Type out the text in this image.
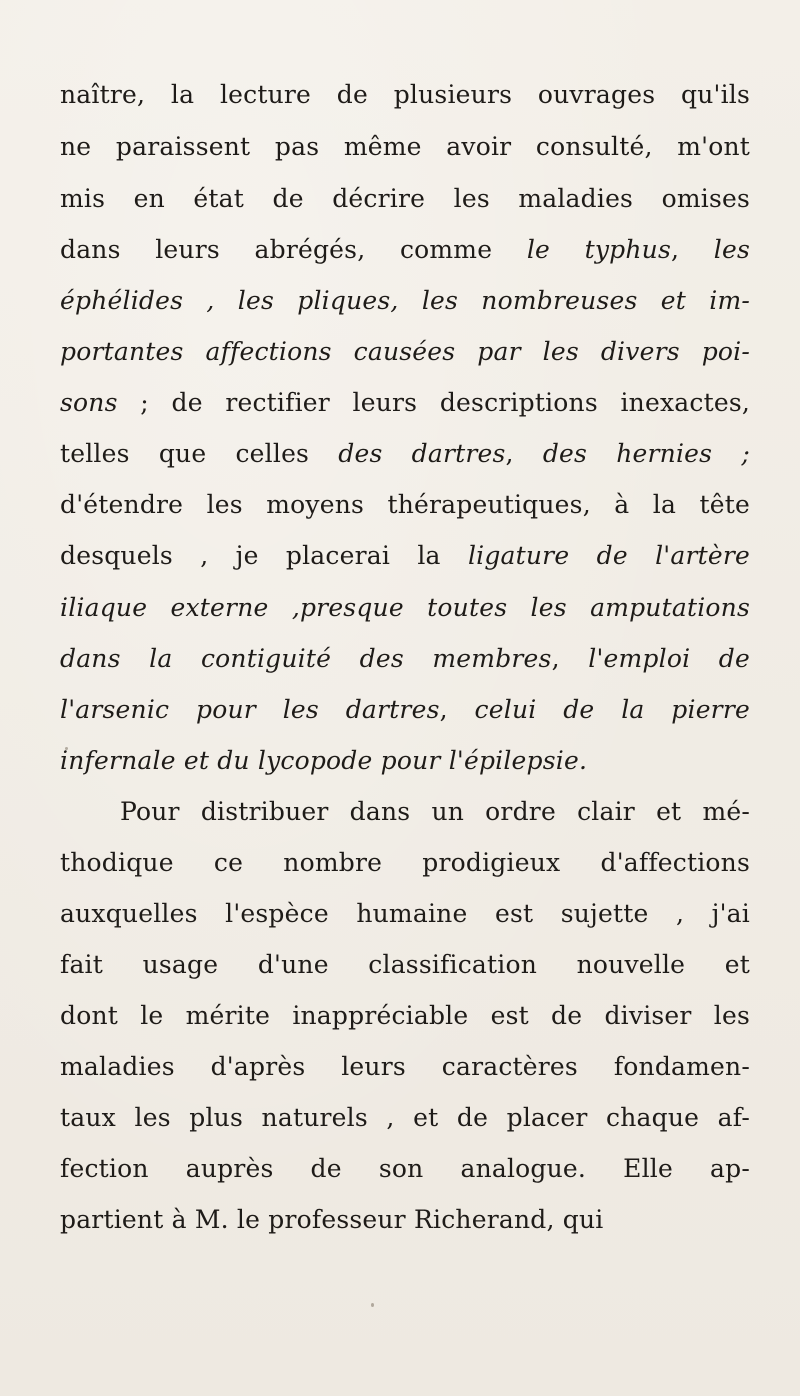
naître, la lecture de plusieurs ouvrages qu'ils
ne paraissent pas même avoir consulté, m'ont
mis en état de décrire les maladies omises
dans leurs abrégés, comme le typhus, les
éphélides , les pliques, les nombreuses et im-
portantes affections causées par les divers poi-
sons ; de rectifier leurs descriptions inexactes,
telles que celles des dartres, des hernies ;
d'étendre les moyens thérapeutiques, à la tête
desquels , je placerai la ligature de l'artère
iliaque externe ,presque toutes les amputations
dans la contiguité des membres, l'emploi de
l'arsenic pour les dartres, celui de la pierre
infernale et du lycopode pour l'épilepsie.
Pour distribuer dans un ordre clair et mé-
thodique ce nombre prodigieux d'affections
auxquelles l'espèce humaine est sujette , j'ai
fait usage d'une classification nouvelle et
dont le mérite inappréciable est de diviser les
maladies d'après leurs caractères fondamen-
taux les plus naturels , et de placer chaque af-
fection auprès de son analogue. Elle ap-
partient à M. le professeur Richerand, qui
